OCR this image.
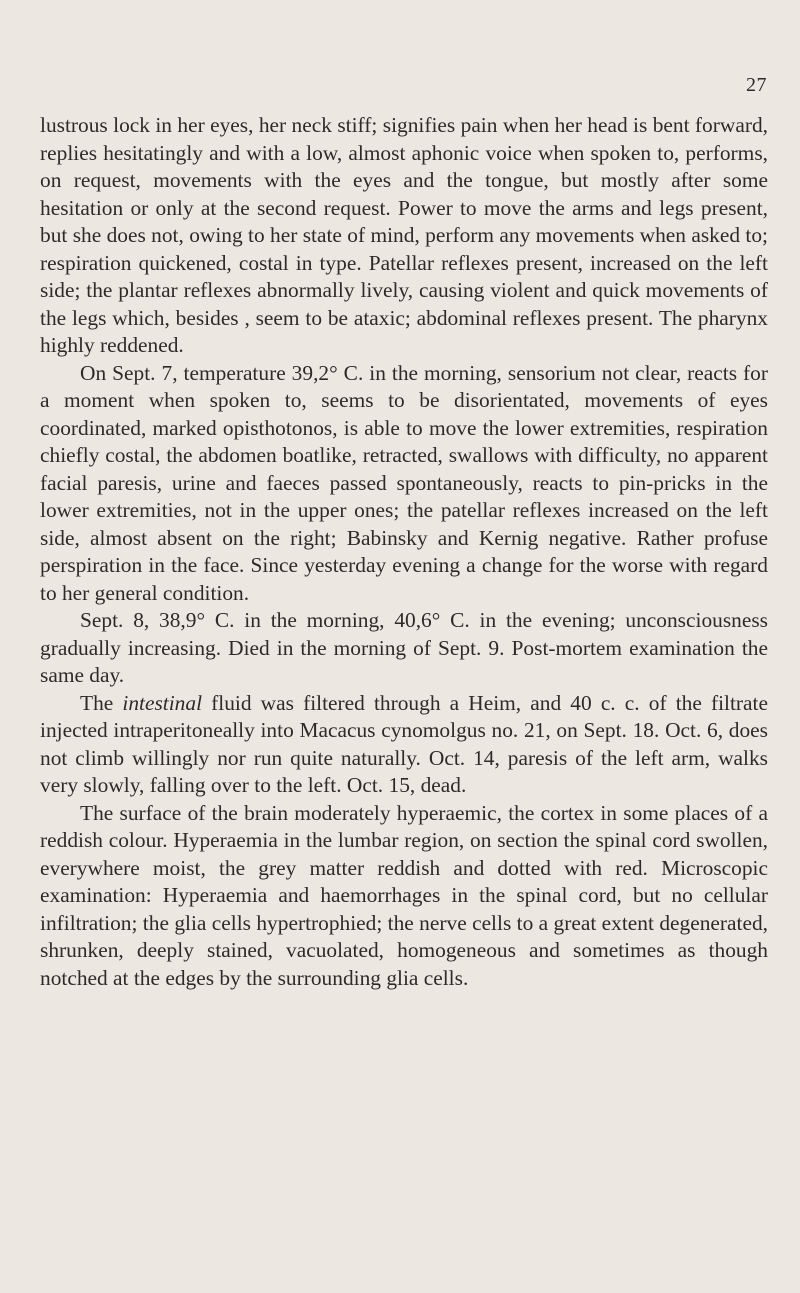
27

lustrous lock in her eyes, her neck stiff; signifies pain when her head is bent forward, replies hesitatingly and with a low, almost aphonic voice when spoken to, performs, on request, movements with the eyes and the tongue, but mostly after some hesitation or only at the second request. Power to move the arms and legs present, but she does not, owing to her state of mind, perform any movements when asked to; respiration quickened, costal in type. Patellar reflexes present, increased on the left side; the plantar reflexes abnormally lively, causing violent and quick movements of the legs which, besides , seem to be ataxic; abdominal reflexes present. The pharynx highly reddened.

On Sept. 7, temperature 39,2° C. in the morning, sensorium not clear, reacts for a moment when spoken to, seems to be disorientated, movements of eyes coordinated, marked opisthotonos, is able to move the lower extremities, respiration chiefly costal, the abdomen boatlike, retracted, swallows with difficulty, no apparent facial paresis, urine and faeces passed spontaneously, reacts to pin-pricks in the lower extremities, not in the upper ones; the patellar reflexes increased on the left side, almost absent on the right; Babinsky and Kernig negative. Rather profuse perspiration in the face. Since yesterday evening a change for the worse with regard to her general condition.

Sept. 8, 38,9° C. in the morning, 40,6° C. in the evening; unconsciousness gradually increasing. Died in the morning of Sept. 9. Post-mortem examination the same day.

The intestinal fluid was filtered through a Heim, and 40 c. c. of the filtrate injected intraperitoneally into Macacus cynomolgus no. 21, on Sept. 18. Oct. 6, does not climb willingly nor run quite naturally. Oct. 14, paresis of the left arm, walks very slowly, falling over to the left. Oct. 15, dead.

The surface of the brain moderately hyperaemic, the cortex in some places of a reddish colour. Hyperaemia in the lumbar region, on section the spinal cord swollen, everywhere moist, the grey matter reddish and dotted with red. Microscopic examination: Hyperaemia and haemorrhages in the spinal cord, but no cellular infiltration; the glia cells hypertrophied; the nerve cells to a great extent degenerated, shrunken, deeply stained, vacuolated, homogeneous and sometimes as though notched at the edges by the surrounding glia cells.
